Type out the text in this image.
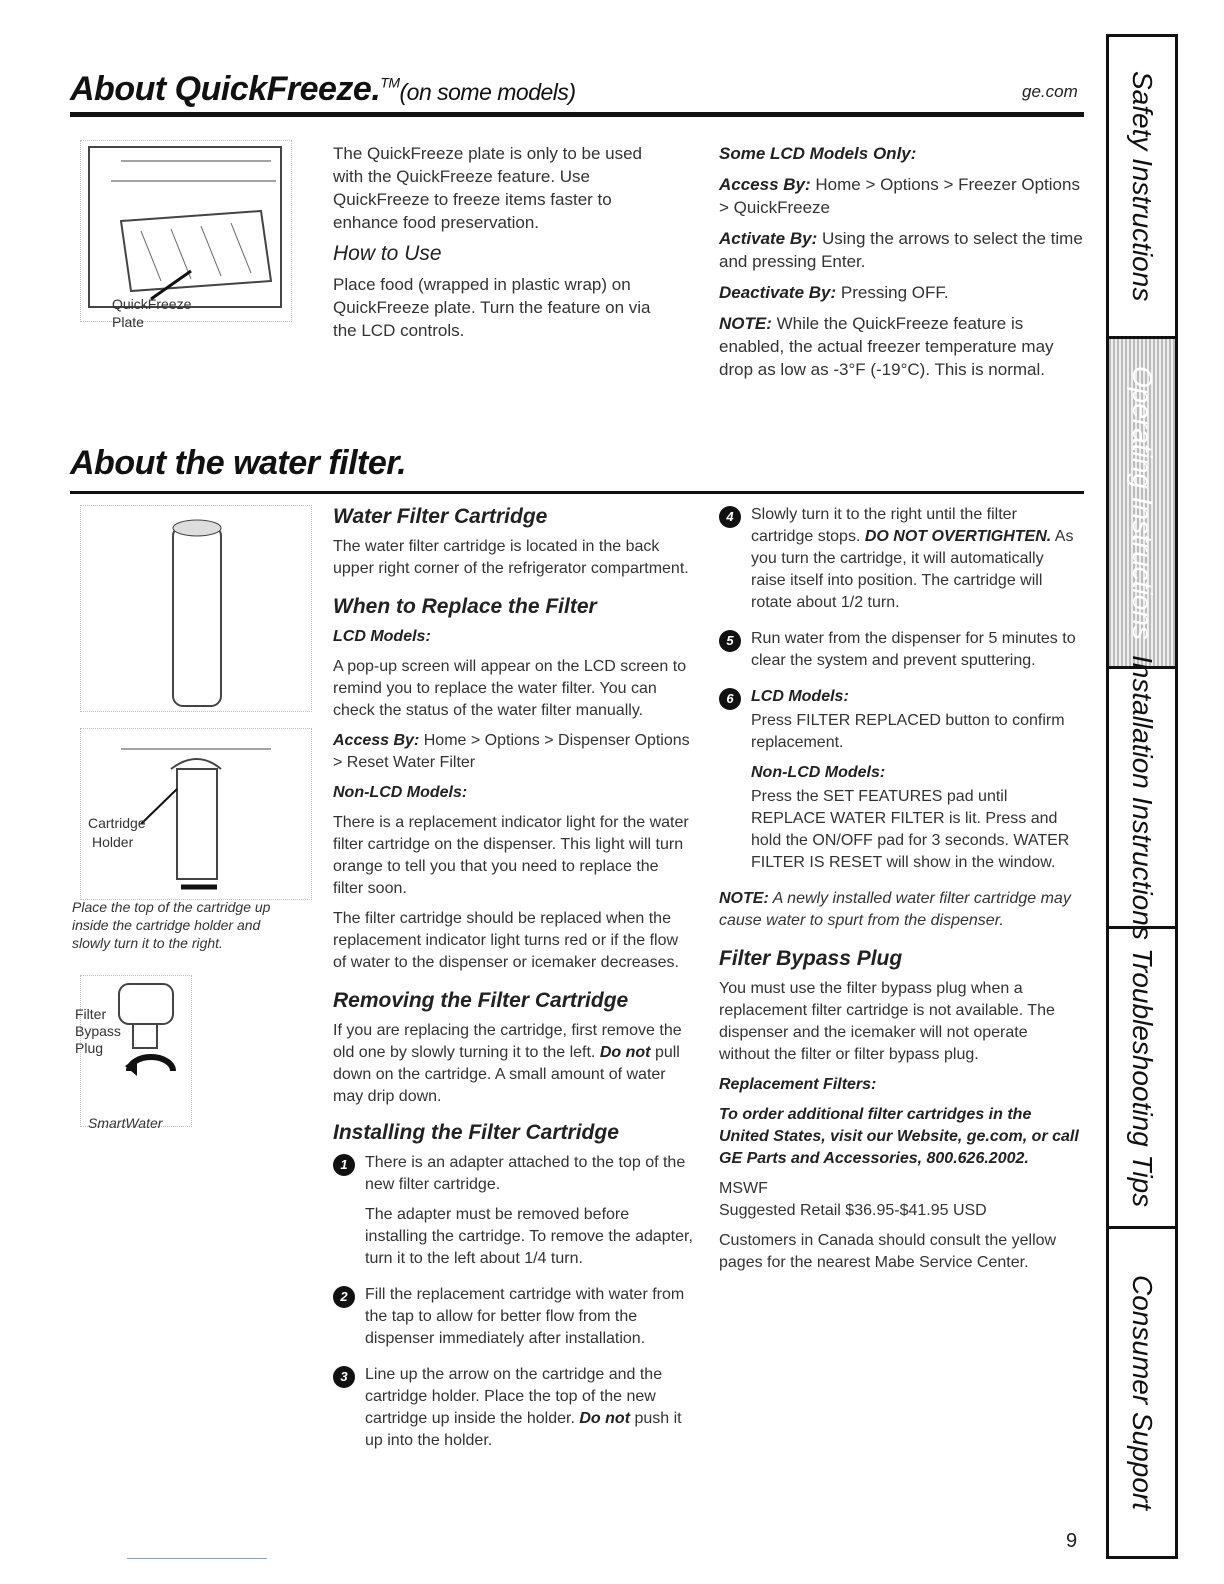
About QuickFreeze.™(on some models)	ge.com
QuickFreeze
Plate

The QuickFreeze plate is only to be used with the QuickFreeze feature. Use QuickFreeze to freeze items faster to enhance food preservation.

How to Use

Place food (wrapped in plastic wrap) on QuickFreeze plate. Turn the feature on via the LCD controls.

Some LCD Models Only:

Access By: Home > Options > Freezer Options > QuickFreeze

Activate By: Using the arrows to select the time and pressing Enter.

Deactivate By: Pressing OFF.

NOTE: While the QuickFreeze feature is enabled, the actual freezer temperature may drop as low as -3°F (-19°C). This is normal.

About the water filter.
Cartridge
Holder
Place the top of the cartridge up inside the cartridge holder and slowly turn it to the right.
Filter
Bypass
Plug
SmartWater
Water Filter Cartridge

The water filter cartridge is located in the back upper right corner of the refrigerator compartment.

When to Replace the Filter

LCD Models:

A pop-up screen will appear on the LCD screen to remind you to replace the water filter. You can check the status of the water filter manually.

Access By: Home > Options > Dispenser Options > Reset Water Filter

Non-LCD Models:

There is a replacement indicator light for the water filter cartridge on the dispenser. This light will turn orange to tell you that you need to replace the filter soon.

The filter cartridge should be replaced when the replacement indicator light turns red or if the flow of water to the dispenser or icemaker decreases.

Removing the Filter Cartridge

If you are replacing the cartridge, first remove the old one by slowly turning it to the left. Do not pull down on the cartridge. A small amount of water may drip down.

Installing the Filter Cartridge
1	There is an adapter attached to the top of the new filter cartridge.

The adapter must be removed before installing the cartridge. To remove the adapter, turn it to the left about 1/4 turn.

2	Fill the replacement cartridge with water from the tap to allow for better flow from the dispenser immediately after installation.

3	Line up the arrow on the cartridge and the cartridge holder. Place the top of the new cartridge up inside the holder. Do not push it up into the holder.

4	Slowly turn it to the right until the filter cartridge stops. DO NOT OVERTIGHTEN. As you turn the cartridge, it will automatically raise itself into position. The cartridge will rotate about 1/2 turn.

5	Run water from the dispenser for 5 minutes to clear the system and prevent sputtering.

6	LCD Models:

Press FILTER REPLACED button to confirm replacement.

Non-LCD Models:

Press the SET FEATURES pad until REPLACE WATER FILTER is lit. Press and hold the ON/OFF pad for 3 seconds. WATER FILTER IS RESET will show in the window.

NOTE: A newly installed water filter cartridge may cause water to spurt from the dispenser.

Filter Bypass Plug

You must use the filter bypass plug when a replacement filter cartridge is not available. The dispenser and the icemaker will not operate without the filter or filter bypass plug.

Replacement Filters:

To order additional filter cartridges in the United States, visit our Website, ge.com, or call GE Parts and Accessories, 800.626.2002.

MSWF

Suggested Retail $36.95-$41.95 USD

Customers in Canada should consult the yellow pages for the nearest Mabe Service Center.

9
Safety Instructions
Operating Instructions
Installation Instructions
Troubleshooting Tips
Consumer Support
